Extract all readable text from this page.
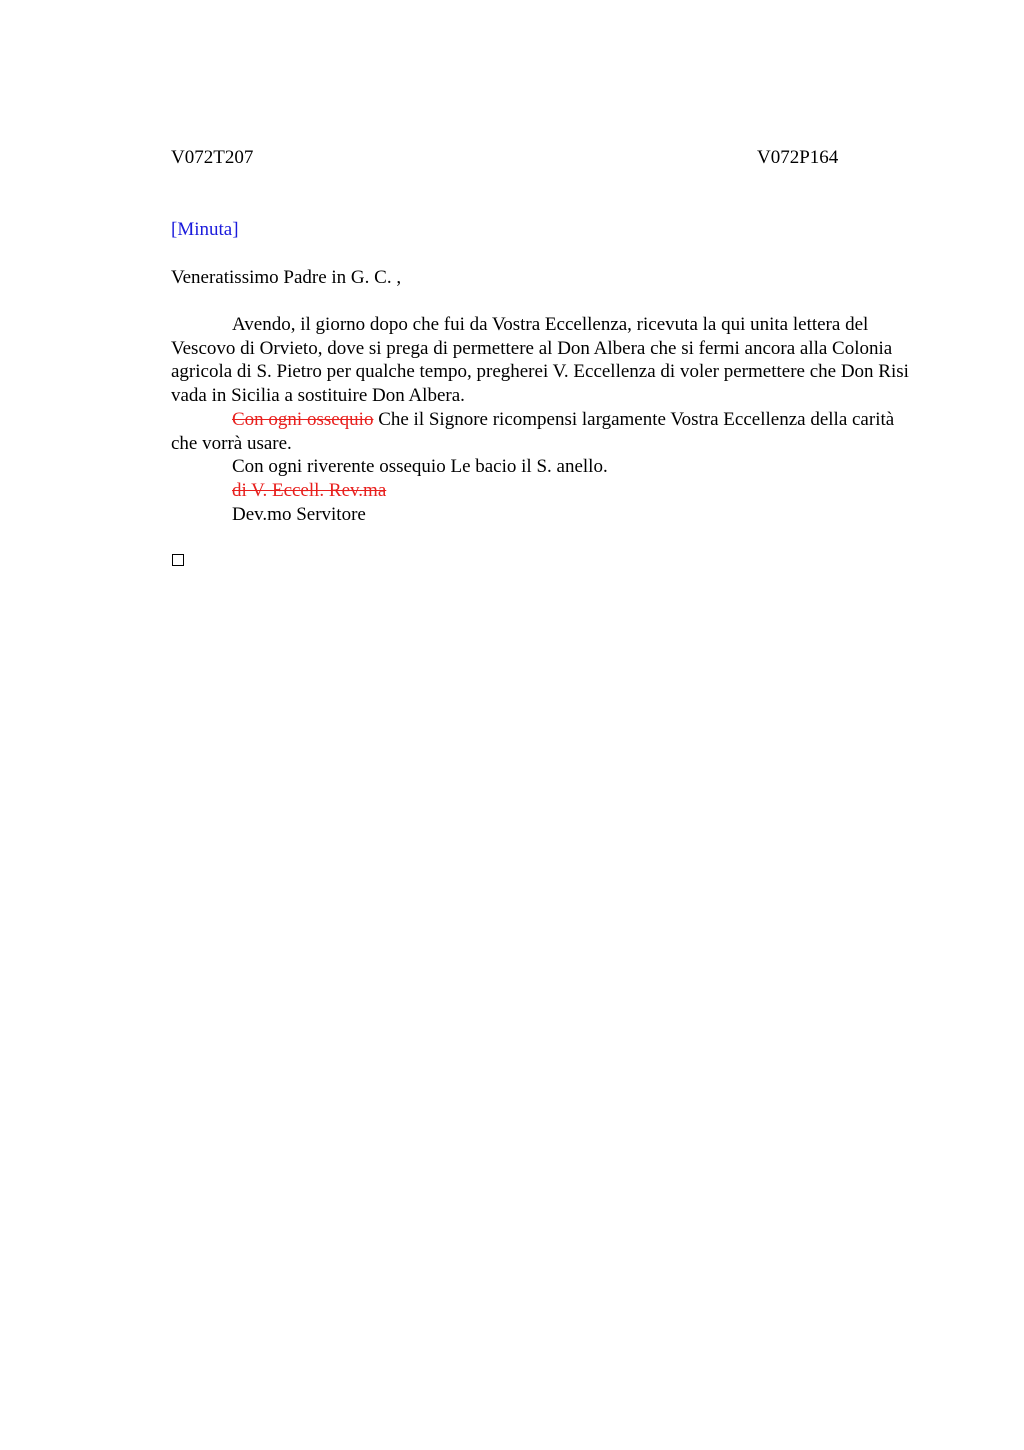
V072T207	V072P164
[Minuta]
Veneratissimo Padre in G. C. ,

Avendo, il giorno dopo che fui da Vostra Eccellenza, ricevuta la qui unita lettera del Vescovo di Orvieto, dove si prega di permettere al Don Albera che si fermi ancora alla Colonia agricola di S. Pietro per qualche tempo, pregherei V. Eccellenza di voler permettere che Don Risi vada in Sicilia a sostituire Don Albera.

Con ogni ossequio Che il Signore ricompensi largamente Vostra Eccellenza della carità che vorrà usare.

Con ogni riverente ossequio Le bacio il S. anello.

di V. Eccell. Rev.ma

Dev.mo Servitore
